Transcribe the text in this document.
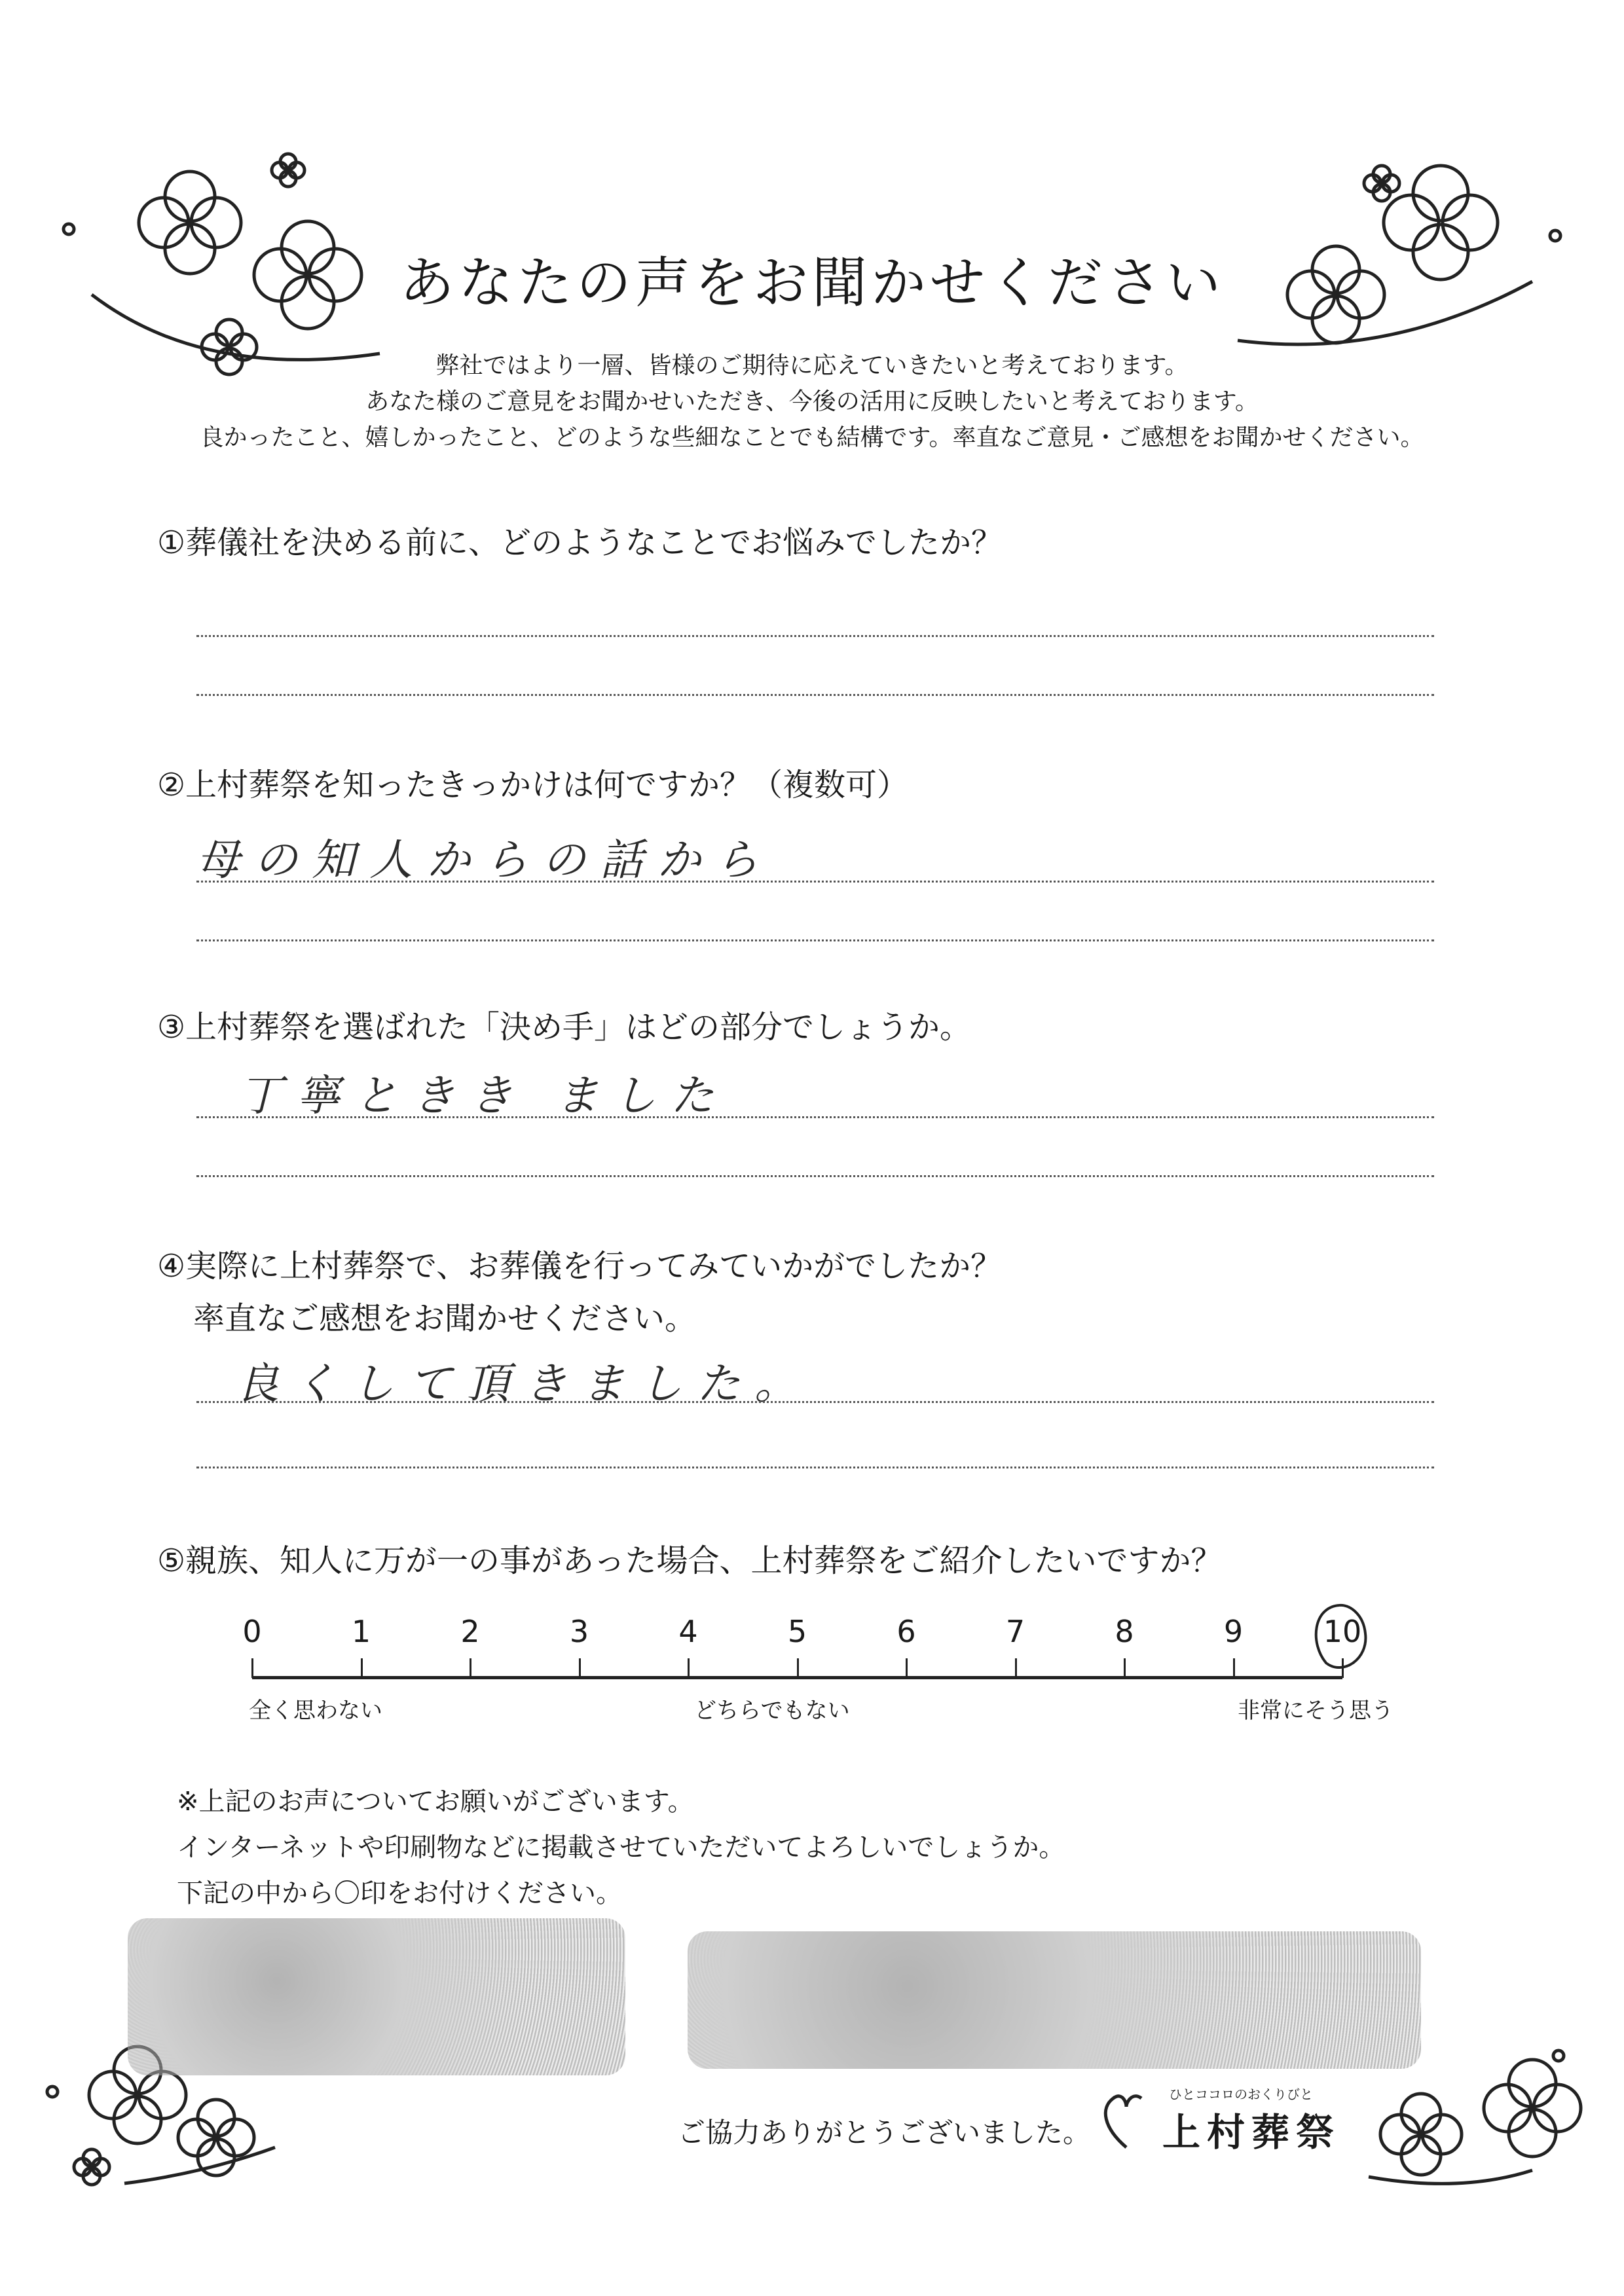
あなたの声をお聞かせください
弊社ではより一層、皆様のご期待に応えていきたいと考えております。
あなた様のご意見をお聞かせいただき、今後の活用に反映したいと考えております。
良かったこと、嬉しかったこと、どのような些細なことでも結構です。率直なご意見・ご感想をお聞かせください。
①葬儀社を決める前に、どのようなことでお悩みでしたか？
②上村葬祭を知ったきっかけは何ですか？（複数可）
母の知人からの話から
③上村葬祭を選ばれた「決め手」はどの部分でしょうか。
丁寧ときき ました
④実際に上村葬祭で、お葬儀を行ってみていかがでしたか？
率直なご感想をお聞かせください。
良くして頂きました。
⑤親族、知人に万が一の事があった場合、上村葬祭をご紹介したいですか？
0	1	2	3	4	5	6	7	8	9	10
全く思わない	どちらでもない	非常にそう思う
※上記のお声についてお願いがございます。
インターネットや印刷物などに掲載させていただいてよろしいでしょうか。
下記の中から〇印をお付けください。
ご協力ありがとうございました。
ひとココロのおくりびと
上村葬祭
